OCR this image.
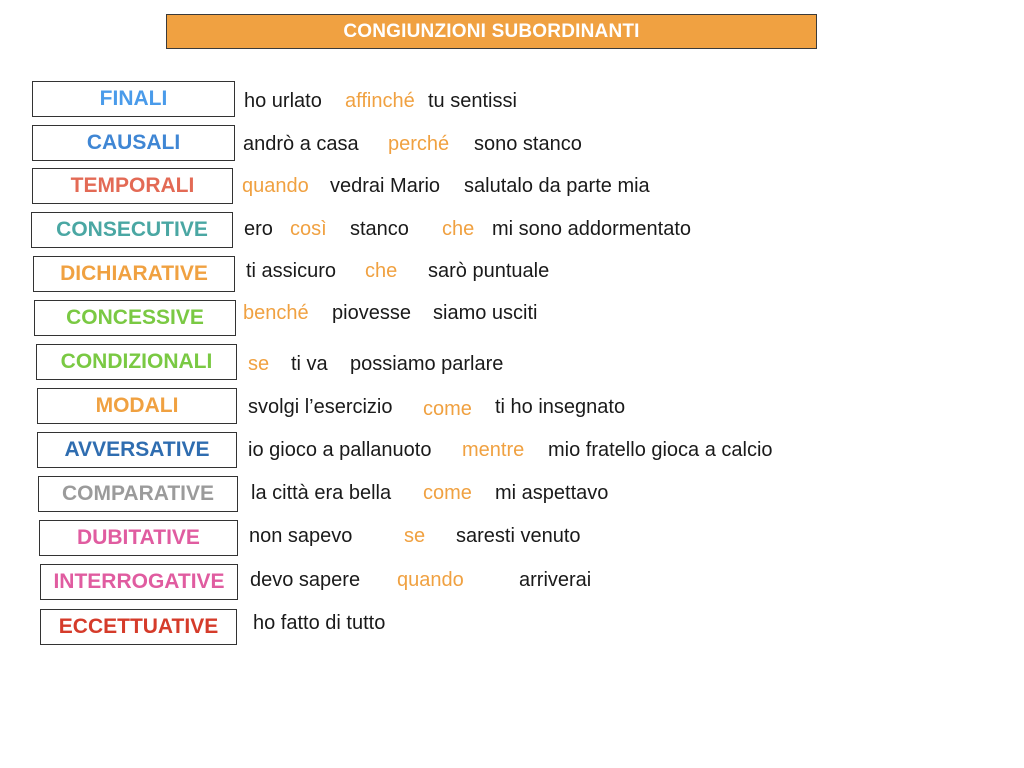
CONGIUNZIONI SUBORDINANTI
FINALI	ho urlato affinché tu sentissi
CAUSALI	andrò a casa perché sono stanco
TEMPORALI	quando vedrai Mario salutalo da parte mia
CONSECUTIVE	ero così stanco che mi sono addormentato
DICHIARATIVE	ti assicuro che sarò puntuale
CONCESSIVE	benché piovesse siamo usciti
CONDIZIONALI	se ti va possiamo parlare
MODALI	svolgi l’esercizio come ti ho insegnato
AVVERSATIVE	io gioco a pallanuoto mentre mio fratello gioca a calcio
COMPARATIVE	la città era bella come mi aspettavo
DUBITATIVE	non sapevo	se saresti venuto
INTERROGATIVE	devo sapere quando	arriverai
ECCETTUATIVE	ho fatto di tutto
